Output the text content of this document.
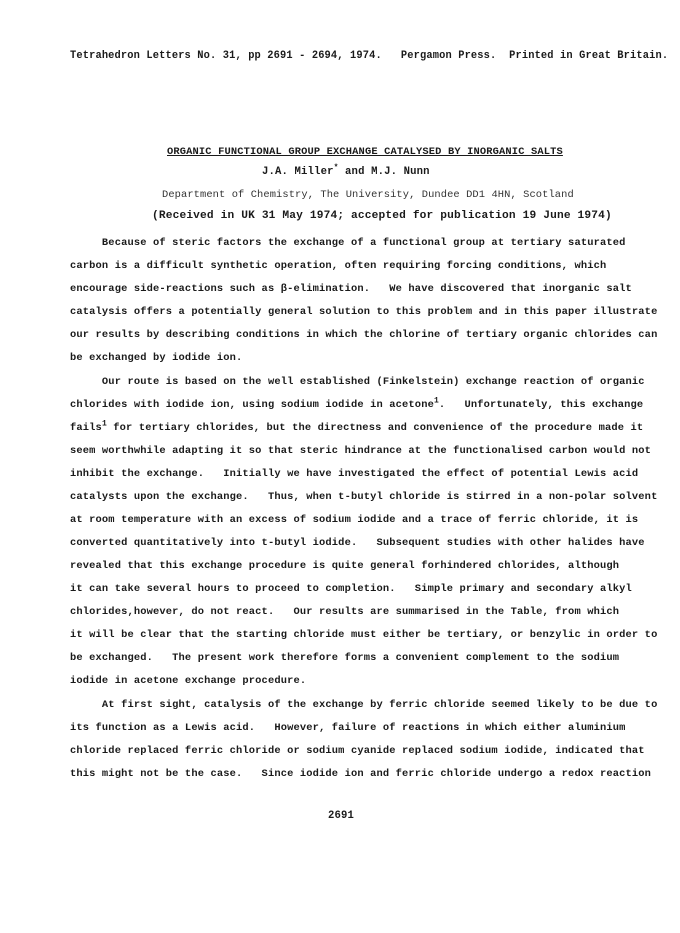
Tetrahedron Letters No. 31, pp 2691 - 2694, 1974.   Pergamon Press.  Printed in Great Britain.
ORGANIC FUNCTIONAL GROUP EXCHANGE CATALYSED BY INORGANIC SALTS
J.A. Miller* and M.J. Nunn
Department of Chemistry, The University, Dundee DD1 4HN, Scotland
(Received in UK 31 May 1974; accepted for publication 19 June 1974)
Because of steric factors the exchange of a functional group at tertiary saturated
carbon is a difficult synthetic operation, often requiring forcing conditions, which
encourage side-reactions such as β-elimination.   We have discovered that inorganic salt
catalysis offers a potentially general solution to this problem and in this paper illustrate
our results by describing conditions in which the chlorine of tertiary organic chlorides can
be exchanged by iodide ion.
Our route is based on the well established (Finkelstein) exchange reaction of organic
chlorides with iodide ion, using sodium iodide in acetone$^1$.   Unfortunately, this exchange
fails$^1$ for tertiary chlorides, but the directness and convenience of the procedure made it
seem worthwhile adapting it so that steric hindrance at the functionalised carbon would not
inhibit the exchange.   Initially we have investigated the effect of potential Lewis acid
catalysts upon the exchange.   Thus, when t-butyl chloride is stirred in a non-polar solvent
at room temperature with an excess of sodium iodide and a trace of ferric chloride, it is
converted quantitatively into t-butyl iodide.   Subsequent studies with other halides have
revealed that this exchange procedure is quite general forhindered chlorides, although
it can take several hours to proceed to completion.   Simple primary and secondary alkyl
chlorides,however, do not react.   Our results are summarised in the Table, from which
it will be clear that the starting chloride must either be tertiary, or benzylic in order to
be exchanged.   The present work therefore forms a convenient complement to the sodium
iodide in acetone exchange procedure.
At first sight, catalysis of the exchange by ferric chloride seemed likely to be due to
its function as a Lewis acid.   However, failure of reactions in which either aluminium
chloride replaced ferric chloride or sodium cyanide replaced sodium iodide, indicated that
this might not be the case.   Since iodide ion and ferric chloride undergo a redox reaction
2691
